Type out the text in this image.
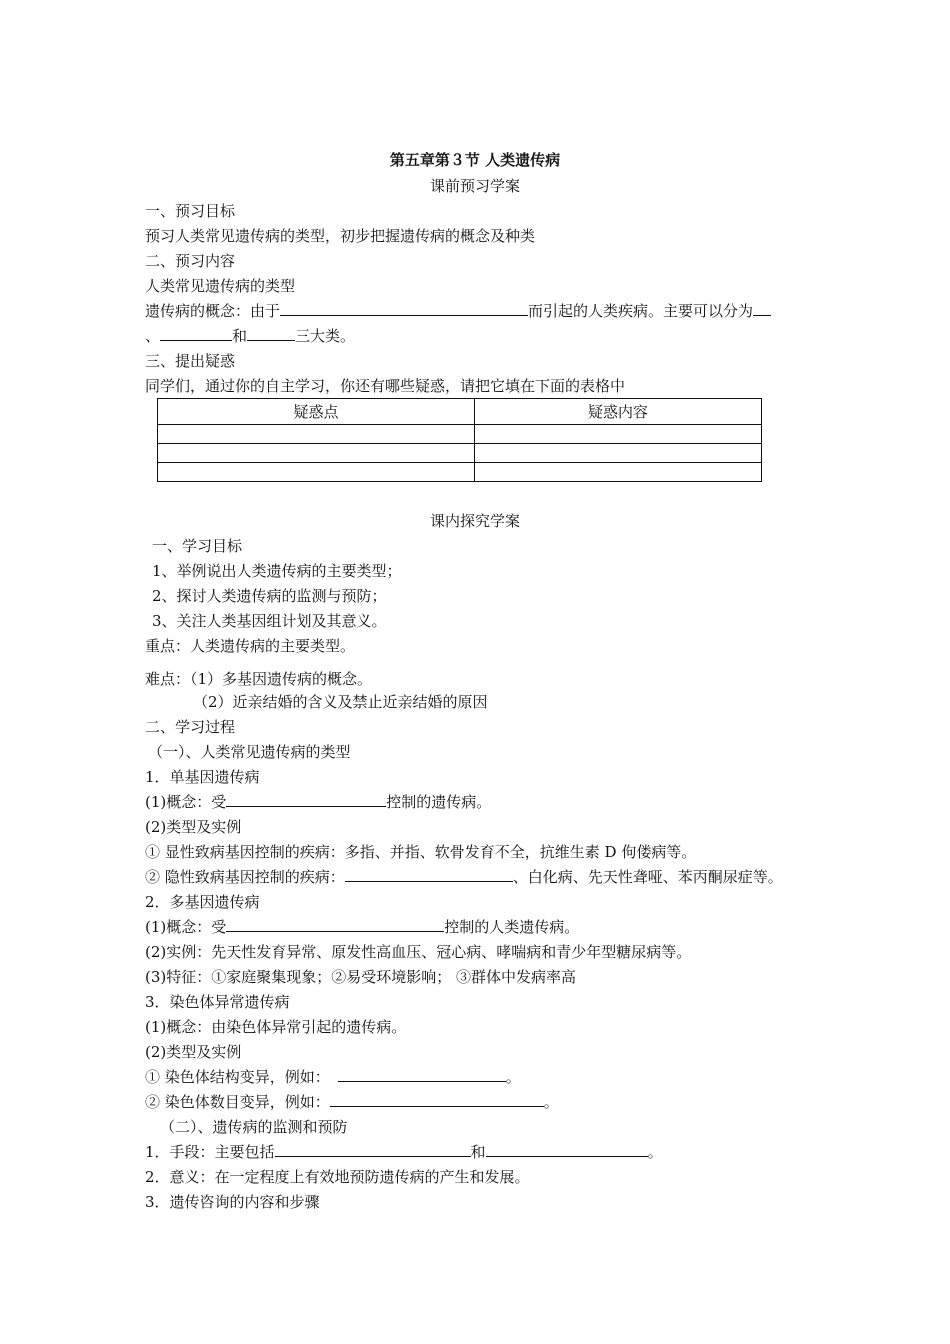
第五章第３节 人类遗传病
课前预习学案
一、预习目标
预习人类常见遗传病的类型，初步把握遗传病的概念及种类
二、预习内容
人类常见遗传病的类型
遗传病的概念：由于	而引起的人类疾病。主要可以分为
、	和	三大类。
三、提出疑惑
同学们，通过你的自主学习，你还有哪些疑惑，请把它填在下面的表格中
疑惑点	疑惑内容

课内探究学案
一、学习目标
1、举例说出人类遗传病的主要类型；
2、探讨人类遗传病的监测与预防；
3、关注人类基因组计划及其意义。
重点：人类遗传病的主要类型。
难点：（1）多基因遗传病的概念。
（2）近亲结婚的含义及禁止近亲结婚的原因
二、学习过程
（一）、人类常见遗传病的类型
1．单基因遗传病
(1)概念：受	控制的遗传病。
(2)类型及实例
① 显性致病基因控制的疾病：多指、并指、软骨发育不全，抗维生素 D 佝偻病等。
② 隐性致病基因控制的疾病：	、白化病、先天性聋哑、苯丙酮尿症等。
2．多基因遗传病
(1)概念：受	控制的人类遗传病。
(2)实例：先天性发育异常、原发性高血压、冠心病、哮喘病和青少年型糖尿病等。
(3)特征：①家庭聚集现象；②易受环境影响； ③群体中发病率高
3．染色体异常遗传病
(1)概念：由染色体异常引起的遗传病。
(2)类型及实例
① 染色体结构变异，例如：	。
② 染色体数目变异，例如：	。
（二）、遗传病的监测和预防
1．手段：主要包括	和	。
2．意义：在一定程度上有效地预防遗传病的产生和发展。
3．遗传咨询的内容和步骤
